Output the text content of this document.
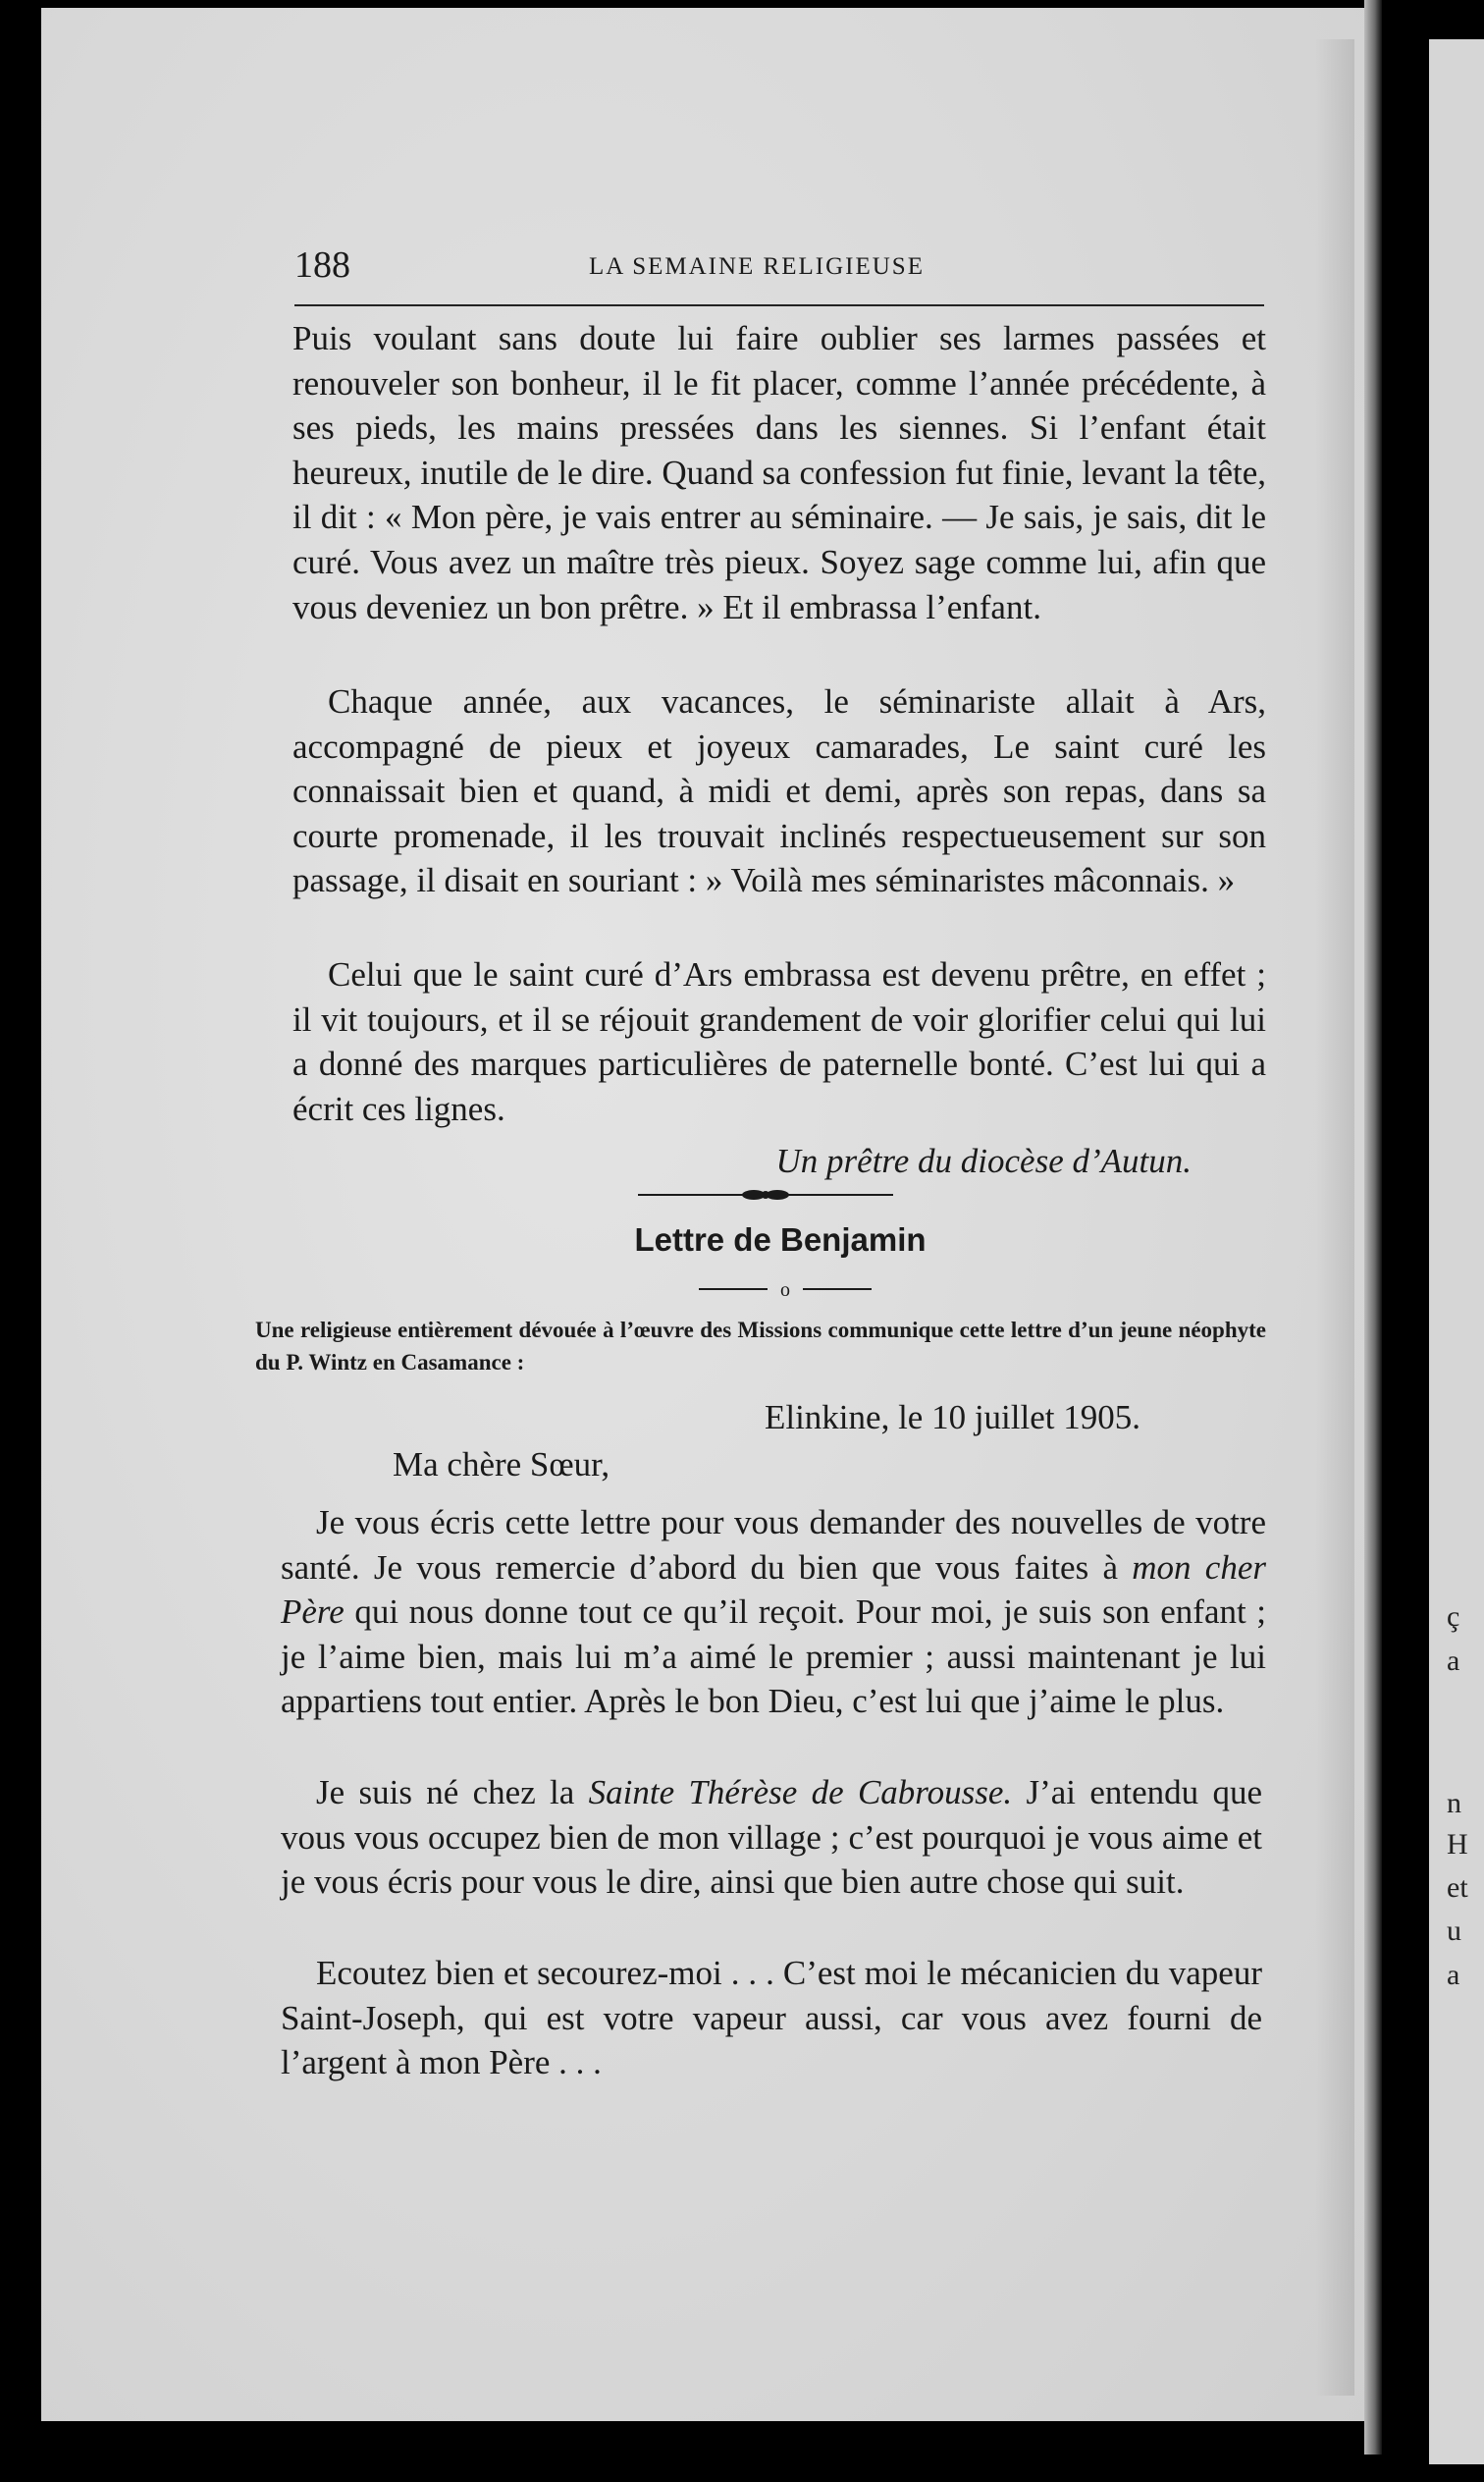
ç
a
n
H
et
u
a
188	LA SEMAINE RELIGIEUSE

Puis voulant sans doute lui faire oublier ses larmes passées et renouveler son bonheur, il le fit placer, comme l’année précédente, à ses pieds, les mains pressées dans les siennes. Si l’enfant était heureux, inutile de le dire. Quand sa confession fut finie, levant la tête, il dit : « Mon père, je vais entrer au séminaire. — Je sais, je sais, dit le curé. Vous avez un maître très pieux. Soyez sage comme lui, afin que vous deveniez un bon prêtre. » Et il embrassa l’enfant.

Chaque année, aux vacances, le séminariste allait à Ars, accompagné de pieux et joyeux camarades, Le saint curé les connaissait bien et quand, à midi et demi, après son repas, dans sa courte promenade, il les trouvait inclinés respectueusement sur son passage, il disait en souriant : » Voilà mes séminaristes mâconnais. »

Celui que le saint curé d’Ars embrassa est devenu prêtre, en effet ; il vit toujours, et il se réjouit grandement de voir glorifier celui qui lui a donné des marques particulières de paternelle bonté. C’est lui qui a écrit ces lignes.

Un prêtre du diocèse d’Autun.
Lettre de Benjamin
o
Une religieuse entièrement dévouée à l’œuvre des Missions communique cette lettre d’un jeune néophyte du P. Wintz en Casamance :
Elinkine, le 10 juillet 1905.
Ma chère Sœur,

Je vous écris cette lettre pour vous demander des nouvelles de votre santé. Je vous remercie d’abord du bien que vous faites à mon cher Père qui nous donne tout ce qu’il reçoit. Pour moi, je suis son enfant ; je l’aime bien, mais lui m’a aimé le premier ; aussi maintenant je lui appartiens tout entier. Après le bon Dieu, c’est lui que j’aime le plus.

Je suis né chez la Sainte Thérèse de Cabrousse. J’ai entendu que vous vous occupez bien de mon village ; c’est pourquoi je vous aime et je vous écris pour vous le dire, ainsi que bien autre chose qui suit.

Ecoutez bien et secourez-moi . . . C’est moi le mécanicien du vapeur Saint-Joseph, qui est votre vapeur aussi, car vous avez fourni de l’argent à mon Père . . .
